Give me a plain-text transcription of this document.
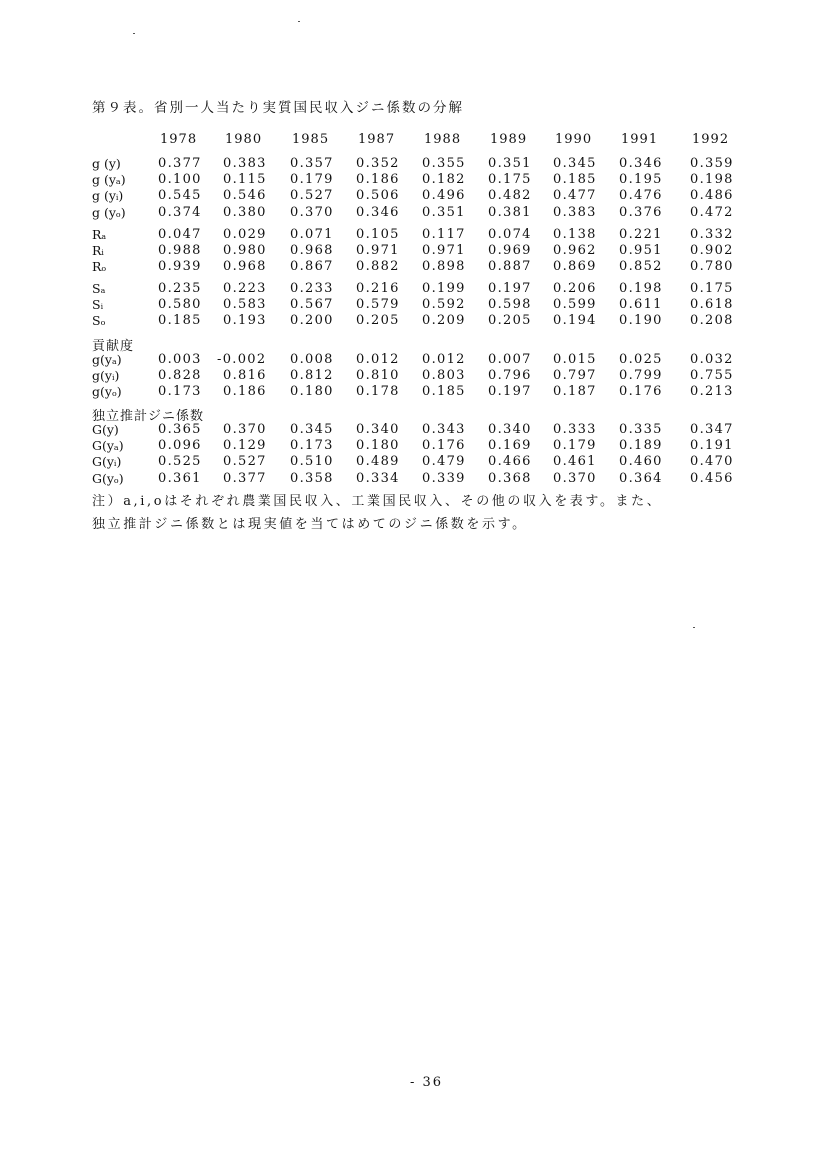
第９表。省別一人当たり実質国民収入ジニ係数の分解
1978 1980 1985 1987 1988 1989 1990 1991	1992
g (y)	0.377 0.383 0.357 0.352 0.355 0.351 0.345 0.346 0.359
g (yₐ) 0.100 0.115 0.179 0.186 0.182 0.175 0.185 0.195 0.198
g (yᵢ)	0.545 0.546 0.527 0.506 0.496 0.482 0.477 0.476 0.486
g (yₒ) 0.374 0.380 0.370 0.346 0.351 0.381 0.383 0.376 0.472
Rₐ	0.047 0.029 0.071 0.105 0.117 0.074 0.138 0.221 0.332
Rᵢ	0.988 0.980 0.968 0.971 0.971 0.969 0.962 0.951 0.902
Rₒ	0.939 0.968 0.867 0.882 0.898 0.887 0.869 0.852 0.780
Sₐ	0.235 0.223 0.233 0.216 0.199 0.197 0.206 0.198 0.175
Sᵢ	0.580 0.583 0.567 0.579 0.592 0.598 0.599 0.611 0.618
Sₒ	0.185 0.193 0.200 0.205 0.209 0.205 0.194 0.190 0.208
貢献度
g(yₐ)	0.003 -0.002 0.008 0.012 0.012 0.007 0.015 0.025 0.032
g(yᵢ)	0.828 0.816 0.812 0.810 0.803 0.796 0.797 0.799 0.755
g(yₒ)	0.173 0.186 0.180 0.178 0.185 0.197 0.187 0.176 0.213
独立推計ジニ係数
G(y)	0.365 0.370 0.345 0.340 0.343 0.340 0.333 0.335 0.347
G(yₐ)	0.096 0.129 0.173 0.180 0.176 0.169 0.179 0.189 0.191
G(yᵢ)	0.525 0.527 0.510 0.489 0.479 0.466 0.461 0.460 0.470
G(yₒ)	0.361 0.377 0.358 0.334 0.339 0.368 0.370 0.364 0.456
注）a,i,oはそれぞれ農業国民収入、工業国民収入、その他の収入を表す。また、
独立推計ジニ係数とは現実値を当てはめてのジニ係数を示す。
- 36
